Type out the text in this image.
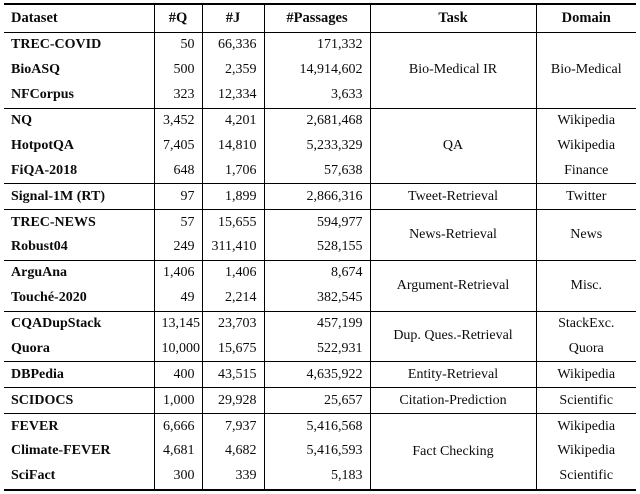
Dataset	#Q	#J	#Passages	Task	Domain
TREC-COVID	50	66,336	171,332	Bio-Medical IR	Bio-Medical
BioASQ	500	2,359	14,914,602		
NFCorpus	323	12,334	3,633		
NQ	3,452	4,201	2,681,468	QA	Wikipedia
HotpotQA	7,405	14,810	5,233,329		Wikipedia
FiQA-2018	648	1,706	57,638		Finance
Signal-1M (RT)	97	1,899	2,866,316	Tweet-Retrieval	Twitter
TREC-NEWS	57	15,655	594,977	News-Retrieval	News
Robust04	249	311,410	528,155		
ArguAna	1,406	1,406	8,674	Argument-Retrieval	Misc.
Touché-2020	49	2,214	382,545		
CQADupStack	13,145	23,703	457,199	Dup. Ques.-Retrieval	StackExc.
Quora	10,000	15,675	522,931		Quora
DBPedia	400	43,515	4,635,922	Entity-Retrieval	Wikipedia
SCIDOCS	1,000	29,928	25,657	Citation-Prediction	Scientific
FEVER	6,666	7,937	5,416,568	Fact Checking	Wikipedia
Climate-FEVER	4,681	4,682	5,416,593		Wikipedia
SciFact	300	339	5,183		Scientific
